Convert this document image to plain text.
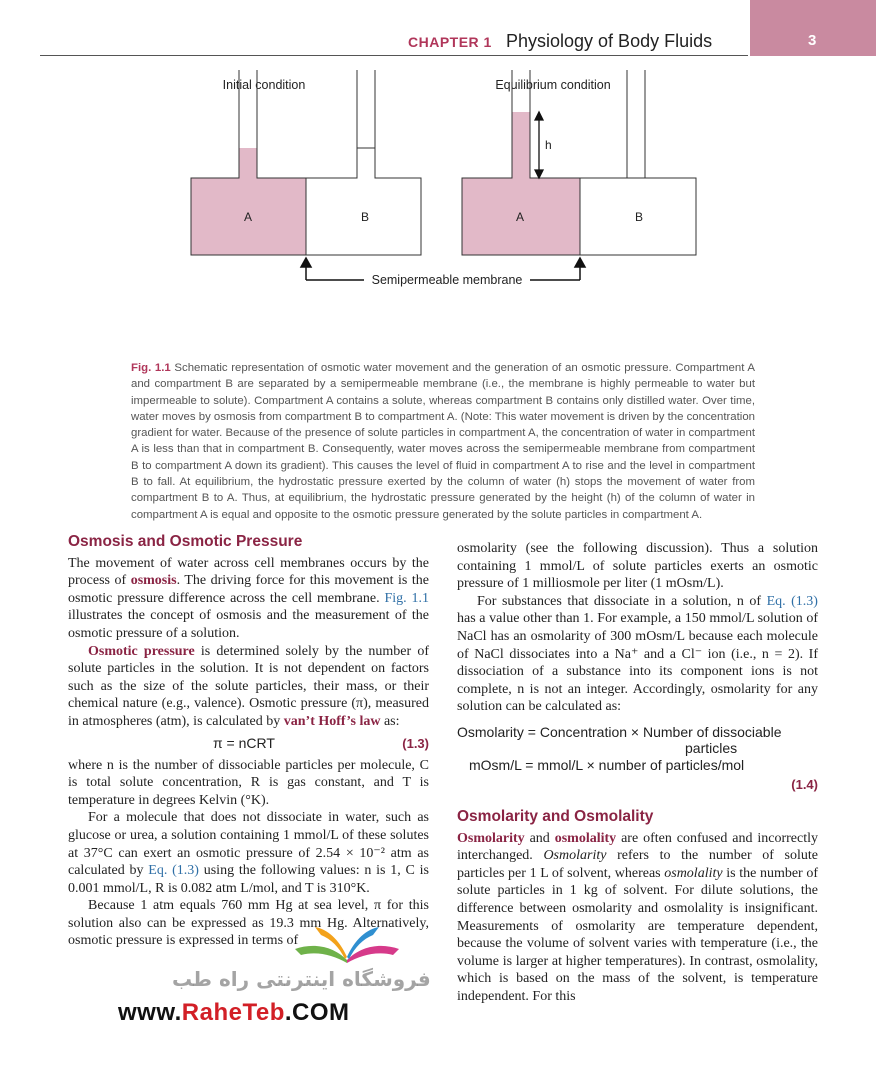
CHAPTER 1 Physiology of Body Fluids	3
Initial condition
A	B
Equilibrium condition
h
A	B
Semipermeable membrane
Fig. 1.1 Schematic representation of osmotic water movement and the generation of an osmotic pressure. Compartment A and compartment B are separated by a semipermeable membrane (i.e., the membrane is highly permeable to water but impermeable to solute). Compartment A contains a solute, whereas compartment B contains only distilled water. Over time, water moves by osmosis from compartment B to compartment A. (Note: This water movement is driven by the concentration gradient for water. Because of the presence of solute particles in compartment A, the concentration of water in compartment A is less than that in compartment B. Consequently, water moves across the semipermeable membrane from compartment B to compartment A down its gradient). This causes the level of fluid in compartment A to rise and the level in compartment B to fall. At equilibrium, the hydrostatic pressure exerted by the column of water (h) stops the movement of water from compartment B to A. Thus, at equilibrium, the hydrostatic pressure generated by the height (h) of the column of water in compartment A is equal and opposite to the osmotic pressure generated by the solute particles in compartment A.
Osmosis and Osmotic Pressure

The movement of water across cell membranes occurs by the process of osmosis. The driving force for this movement is the osmotic pressure difference across the cell membrane. Fig. 1.1 illustrates the concept of osmosis and the measurement of the osmotic pressure of a solution.

Osmotic pressure is determined solely by the number of solute particles in the solution. It is not dependent on factors such as the size of the solute particles, their mass, or their chemical nature (e.g., valence). Osmotic pressure (π), measured in atmospheres (atm), is calculated by van’t Hoff’s law as:

π = nCRT	(1.3)

where n is the number of dissociable particles per molecule, C is total solute concentration, R is gas constant, and T is temperature in degrees Kelvin (°K).

For a molecule that does not dissociate in water, such as glucose or urea, a solution containing 1 mmol/L of these solutes at 37°C can exert an osmotic pressure of 2.54 × 10⁻² atm as calculated by Eq. (1.3) using the following values: n is 1, C is 0.001 mmol/L, R is 0.082 atm L/mol, and T is 310°K.

Because 1 atm equals 760 mm Hg at sea level, π for this solution also can be expressed as 19.3 mm Hg. Alternatively, osmotic pressure is expressed in terms of

osmolarity (see the following discussion). Thus a solution containing 1 mmol/L of solute particles exerts an osmotic pressure of 1 milliosmole per liter (1 mOsm/L).

For substances that dissociate in a solution, n of Eq. (1.3) has a value other than 1. For example, a 150 mmol/L solution of NaCl has an osmolarity of 300 mOsm/L because each molecule of NaCl dissociates into a Na⁺ and a Cl⁻ ion (i.e., n = 2). If dissociation of a substance into its component ions is not complete, n is not an integer. Accordingly, osmolarity for any solution can be calculated as:

Osmolarity = Concentration × Number of dissociable
particles
mOsm/L = mmol/L × number of particles/mol
(1.4)
Osmolarity and Osmolality

Osmolarity and osmolality are often confused and incorrectly interchanged. Osmolarity refers to the number of solute particles per 1 L of solvent, whereas osmolality is the number of solute particles in 1 kg of solvent. For dilute solutions, the difference between osmolarity and osmolality is insignificant. Measurements of osmolarity are temperature dependent, because the volume of solvent varies with temperature (i.e., the volume is larger at higher temperatures). In contrast, osmolality, which is based on the mass of the solvent, is temperature independent. For this

فروشگاه اینترنتی راه طب
www.RaheTeb.COM
